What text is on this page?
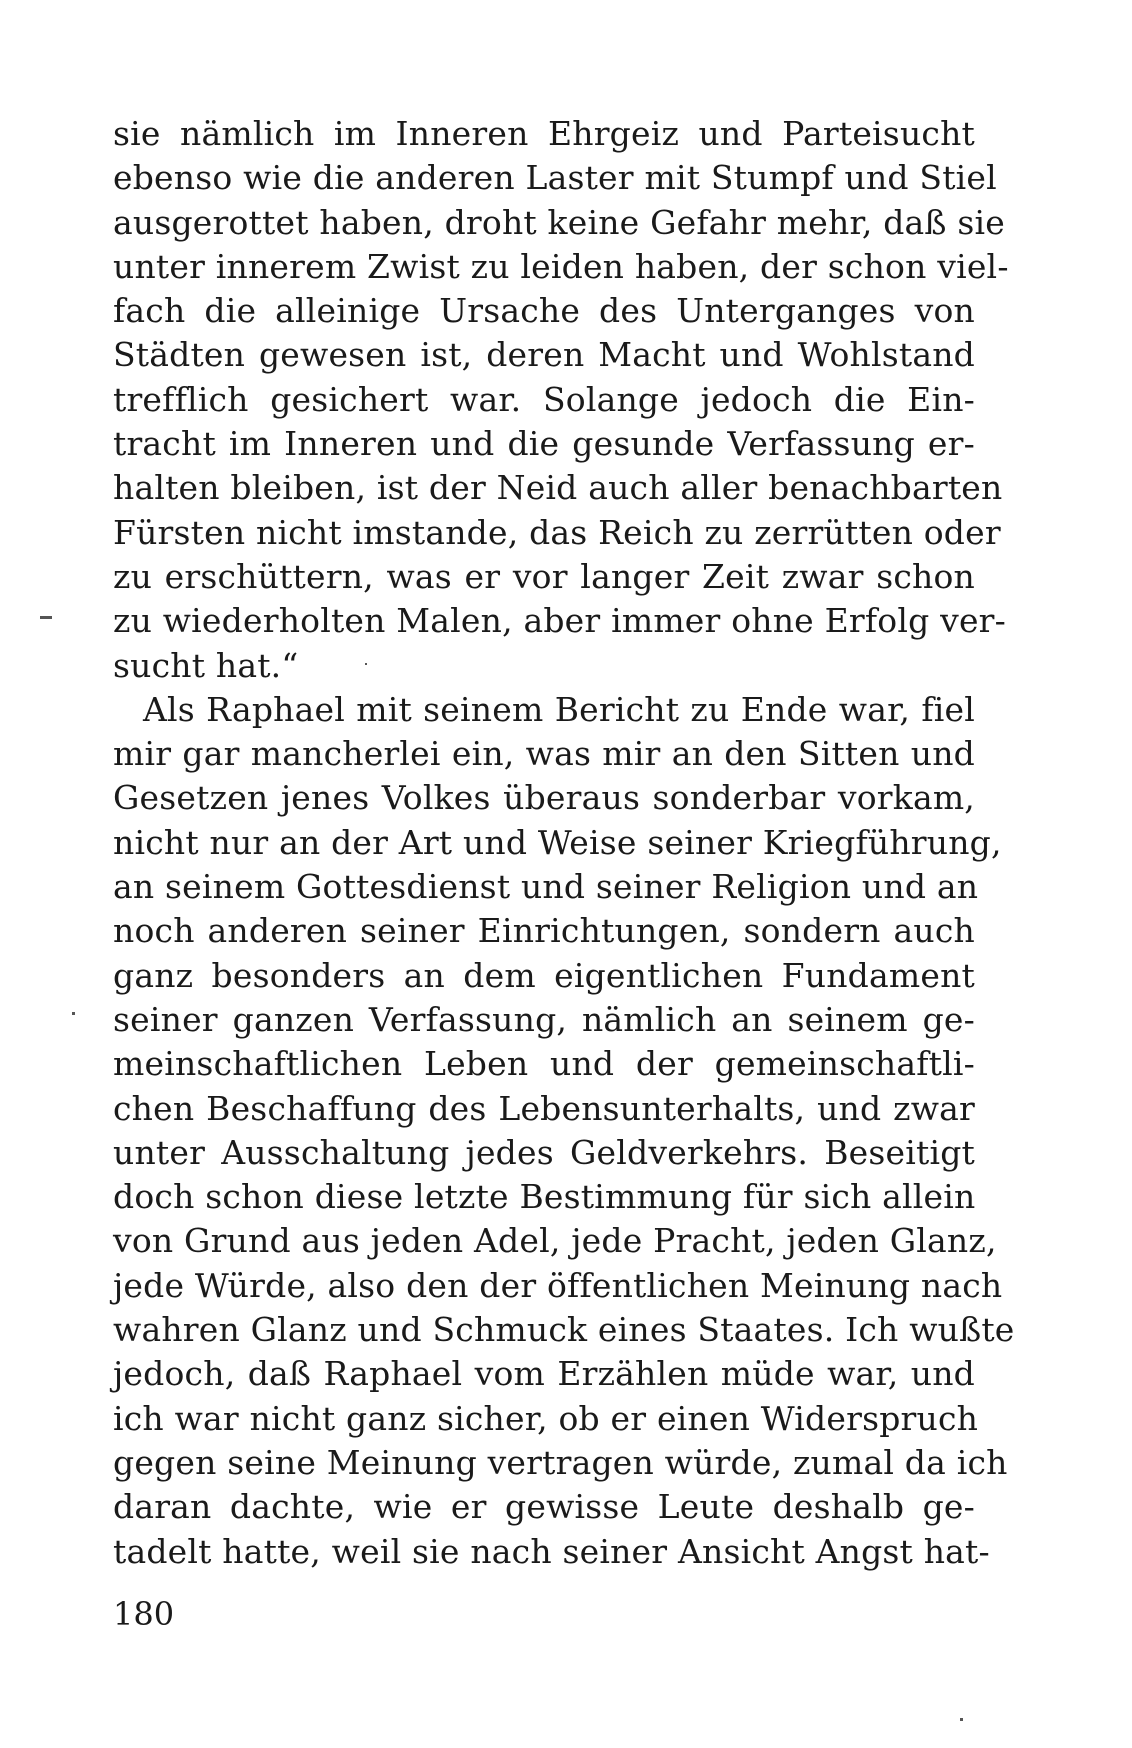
sie nämlich im Inneren Ehrgeiz und Parteisucht
ebenso wie die anderen Laster mit Stumpf und Stiel
ausgerottet haben, droht keine Gefahr mehr, daß sie
unter innerem Zwist zu leiden haben, der schon viel-
fach die alleinige Ursache des Unterganges von
Städten gewesen ist, deren Macht und Wohlstand
trefflich gesichert war. Solange jedoch die Ein-
tracht im Inneren und die gesunde Verfassung er-
halten bleiben, ist der Neid auch aller benachbarten
Fürsten nicht imstande, das Reich zu zerrütten oder
zu erschüttern, was er vor langer Zeit zwar schon
zu wiederholten Malen, aber immer ohne Erfolg ver-
sucht hat.“
Als Raphael mit seinem Bericht zu Ende war, fiel
mir gar mancherlei ein, was mir an den Sitten und
Gesetzen jenes Volkes überaus sonderbar vorkam,
nicht nur an der Art und Weise seiner Kriegführung,
an seinem Gottesdienst und seiner Religion und an
noch anderen seiner Einrichtungen, sondern auch
ganz besonders an dem eigentlichen Fundament
seiner ganzen Verfassung, nämlich an seinem ge-
meinschaftlichen Leben und der gemeinschaftli-
chen Beschaffung des Lebensunterhalts, und zwar
unter Ausschaltung jedes Geldverkehrs. Beseitigt
doch schon diese letzte Bestimmung für sich allein
von Grund aus jeden Adel, jede Pracht, jeden Glanz,
jede Würde, also den der öffentlichen Meinung nach
wahren Glanz und Schmuck eines Staates. Ich wußte
jedoch, daß Raphael vom Erzählen müde war, und
ich war nicht ganz sicher, ob er einen Widerspruch
gegen seine Meinung vertragen würde, zumal da ich
daran dachte, wie er gewisse Leute deshalb ge-
tadelt hatte, weil sie nach seiner Ansicht Angst hat-
180
